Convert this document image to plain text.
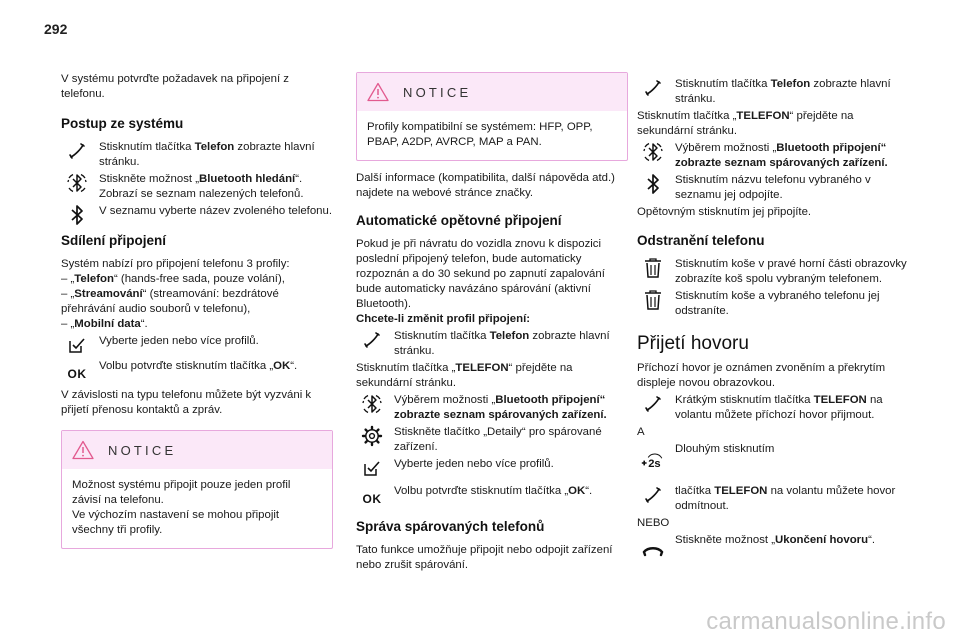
292

V systému potvrďte požadavek na připojení z telefonu.

Postup ze systému
Stisknutím tlačítka Telefon zobrazte hlavní stránku.
Stiskněte možnost „Bluetooth hledání“. Zobrazí se seznam nalezených telefonů.
V seznamu vyberte název zvoleného telefonu.
Sdílení připojení

Systém nabízí pro připojení telefonu 3 profily:

– „Telefon“ (hands-free sada, pouze volání),

– „Streamování“ (streamování: bezdrátové přehrávání audio souborů v telefonu),

– „Mobilní data“.

Vyberte jeden nebo více profilů.
OK
Volbu potvrďte stisknutím tlačítka „OK“.

V závislosti na typu telefonu můžete být vyzváni k přijetí přenosu kontaktů a zpráv.

NOTICE

Možnost systému připojit pouze jeden profil závisí na telefonu.

Ve výchozím nastavení se mohou připojit všechny tři profily.

NOTICE

Profily kompatibilní se systémem: HFP, OPP, PBAP, A2DP, AVRCP, MAP a PAN.

Další informace (kompatibilita, další nápověda atd.) najdete na webové stránce značky.

Automatické opětovné připojení

Pokud je při návratu do vozidla znovu k dispozici poslední připojený telefon, bude automaticky rozpoznán a do 30 sekund po zapnutí zapalování bude automaticky navázáno spárování (aktivní Bluetooth).

Chcete-li změnit profil připojení:

Stisknutím tlačítka Telefon zobrazte hlavní stránku.

Stisknutím tlačítka „TELEFON“ přejděte na sekundární stránku.

Výběrem možnosti „Bluetooth připojení“ zobrazte seznam spárovaných zařízení.
Stiskněte tlačítko „Detaily“ pro spárované zařízení.
Vyberte jeden nebo více profilů.
OK
Volbu potvrďte stisknutím tlačítka „OK“.
Správa spárovaných telefonů

Tato funkce umožňuje připojit nebo odpojit zařízení nebo zrušit spárování.

Stisknutím tlačítka Telefon zobrazte hlavní stránku.

Stisknutím tlačítka „TELEFON“ přejděte na sekundární stránku.

Výběrem možnosti „Bluetooth připojení“ zobrazte seznam spárovaných zařízení.
Stisknutím názvu telefonu vybraného v seznamu jej odpojíte.

Opětovným stisknutím jej připojíte.

Odstranění telefonu
Stisknutím koše v pravé horní části obrazovky zobrazíte koš spolu vybraným telefonem.
Stisknutím koše a vybraného telefonu jej odstraníte.
Přijetí hovoru

Příchozí hovor je oznámen zvoněním a překrytím displeje novou obrazovkou.

Krátkým stisknutím tlačítka TELEFON na volantu můžete příchozí hovor přijmout.

A

2s
Dlouhým stisknutím
tlačítka TELEFON na volantu můžete hovor odmítnout.

NEBO

Stiskněte možnost „Ukončení hovoru“.
carmanualsonline.info
